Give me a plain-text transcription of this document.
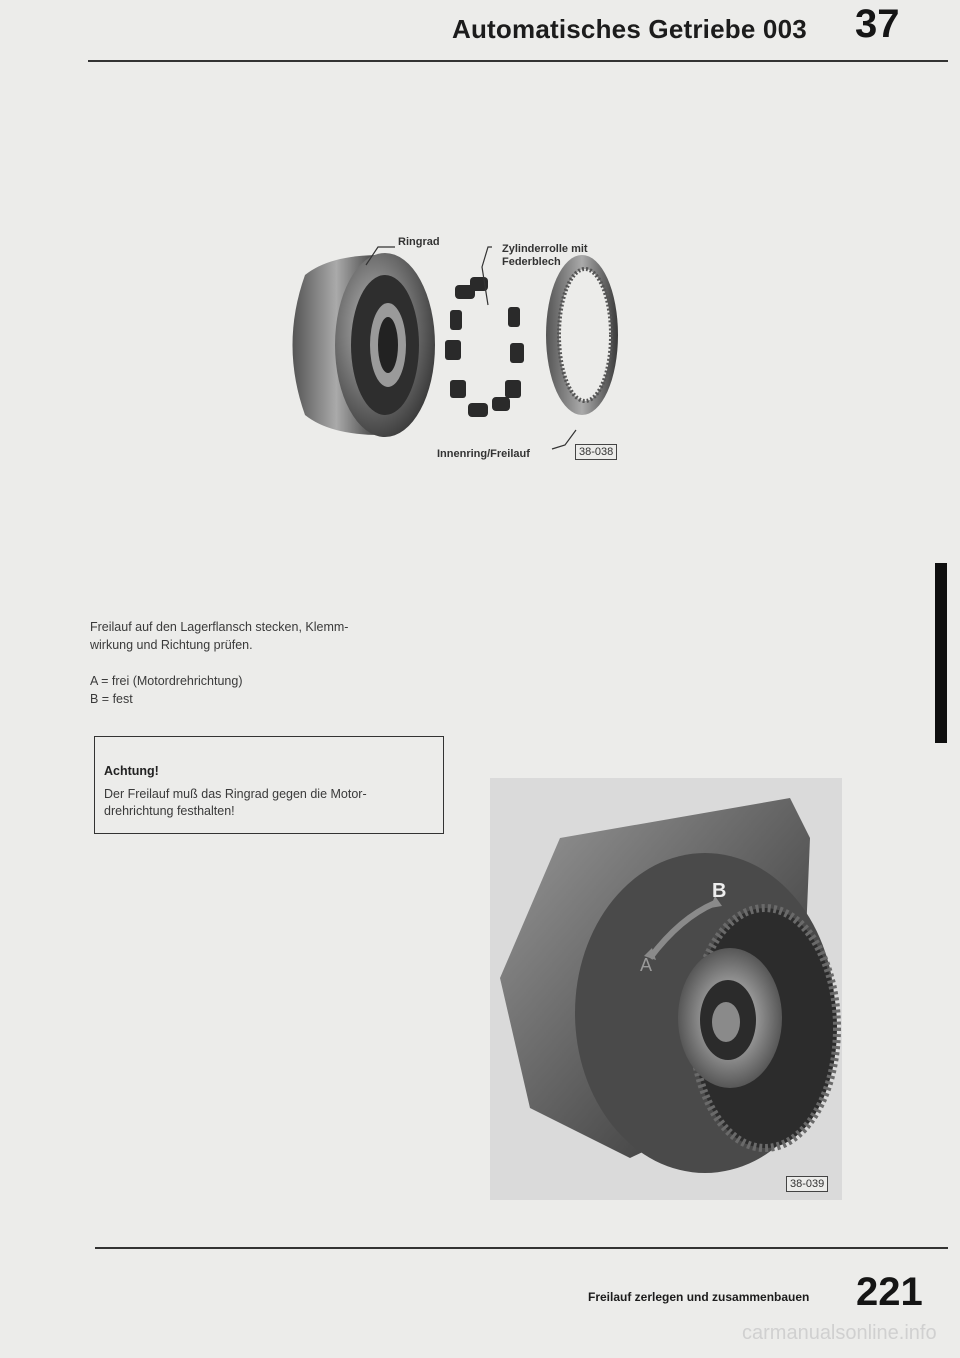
Automatisches Getriebe 003 37
Ringrad
Zylinderrolle mit
Federblech
Innenring/Freilauf	38-038
Freilauf auf den Lagerflansch stecken, Klemm-
wirkung und Richtung prüfen.
A = frei (Motordrehrichtung)
B = fest
Achtung!
Der Freilauf muß das Ringrad gegen die Motor-
drehrichtung festhalten!
B
A
38-039
Freilauf zerlegen und zusammenbauen 221
carmanualsonline.info
